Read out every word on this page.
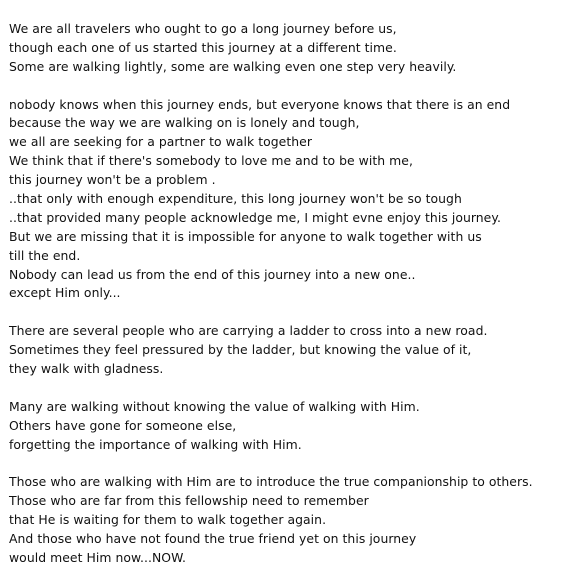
We are all travelers who ought to go a long journey before us,
though each one of us started this journey at a different time.
Some are walking lightly, some are walking even one step very heavily.
nobody knows when this journey ends, but everyone knows that there is an end
because the way we are walking on is lonely and tough,
we all are seeking for a partner to walk together
We think that if there's somebody to love me and to be with me,
this journey won't be a problem .
..that only with enough expenditure, this long journey won't be so tough
..that provided many people acknowledge me, I might evne enjoy this journey.
But we are missing that it is impossible for anyone to walk together with us
till the end.
Nobody can lead us from the end of this journey into a new one..
except Him only...
There are several people who are carrying a ladder to cross into a new road.
Sometimes they feel pressured by the ladder, but knowing the value of it,
they walk with gladness.
Many are walking without knowing the value of walking with Him.
Others have gone for someone else,
forgetting the importance of walking with Him.
Those who are walking with Him are to introduce the true companionship to others.
Those who are far from this fellowship need to remember
that He is waiting for them to walk together again.
And those who have not found the true friend yet on this journey
would meet Him now...NOW.
